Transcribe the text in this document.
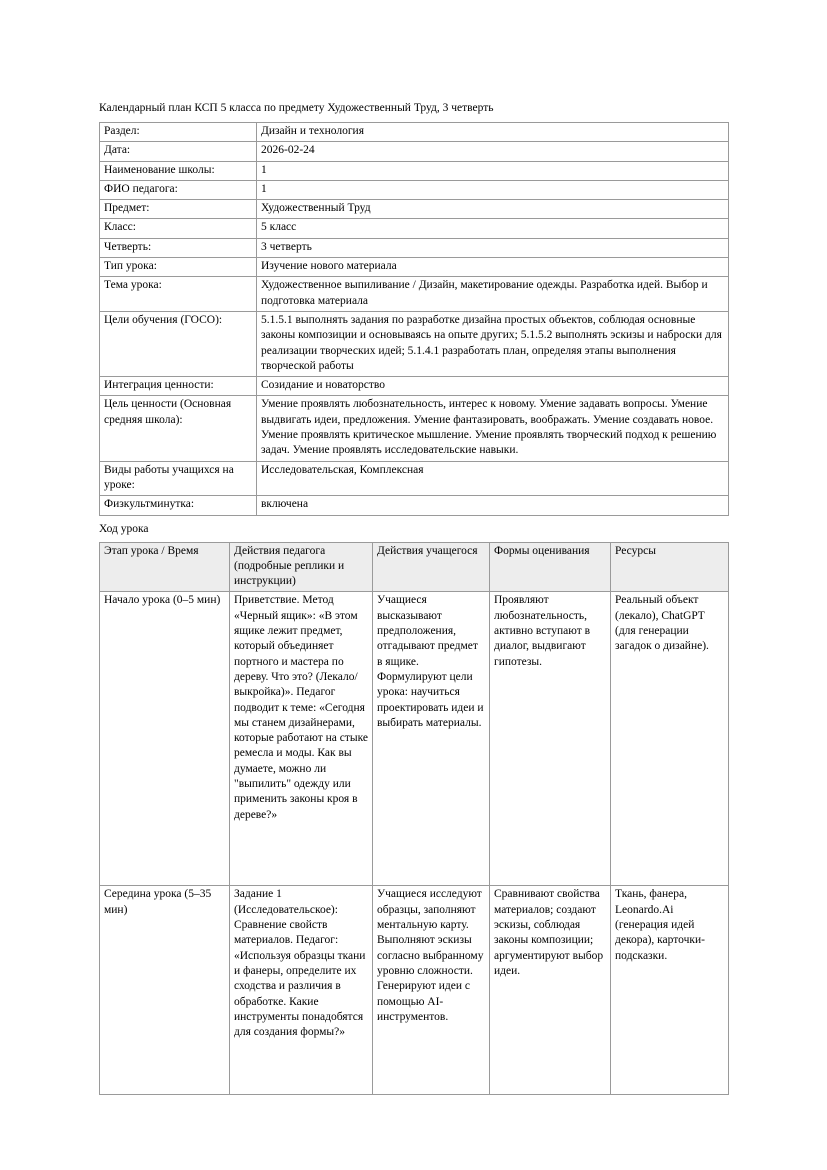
Календарный план КСП 5 класса по предмету Художественный Труд, 3 четверть

Раздел:	Дизайн и технология
Дата:	2026-02-24
Наименование школы:	1
ФИО педагога:	1
Предмет:	Художественный Труд
Класс:	5 класс
Четверть:	3 четверть
Тип урока:	Изучение нового материала
Тема урока:	Художественное выпиливание / Дизайн, макетирование одежды. Разработка идей. Выбор и подготовка материала
Цели обучения (ГОСО):	5.1.5.1 выполнять задания по разработке дизайна простых объектов, соблюдая основные законы композиции и основываясь на опыте других; 5.1.5.2 выполнять эскизы и наброски для реализации творческих идей; 5.1.4.1 разработать план, определяя этапы выполнения творческой работы
Интеграция ценности:	Созидание и новаторство
Цель ценности (Основная средняя школа):	Умение проявлять любознательность, интерес к новому. Умение задавать вопросы. Умение выдвигать идеи, предложения. Умение фантазировать, воображать. Умение создавать новое. Умение проявлять критическое мышление. Умение проявлять творческий подход к решению задач. Умение проявлять исследовательские навыки.
Виды работы учащихся на уроке:	Исследовательская, Комплексная
Физкультминутка:	включена

Ход урока

Этап урока / Время	Действия педагога (подробные реплики и инструкции)	Действия учащегося	Формы оценивания	Ресурсы
Начало урока (0–5 мин)	Приветствие. Метод «Черный ящик»: «В этом ящике лежит предмет, который объединяет портного и мастера по дереву. Что это? (Лекало/выкройка)». Педагог подводит к теме: «Сегодня мы станем дизайнерами, которые работают на стыке ремесла и моды. Как вы думаете, можно ли "выпилить" одежду или применить законы кроя в дереве?»	Учащиеся высказывают предположения, отгадывают предмет в ящике. Формулируют цели урока: научиться проектировать идеи и выбирать материалы.	Проявляют любознательность, активно вступают в диалог, выдвигают гипотезы.	Реальный объект (лекало), ChatGPT (для генерации загадок о дизайне).
Середина урока (5–35 мин)	Задание 1 (Исследовательское): Сравнение свойств материалов. Педагог: «Используя образцы ткани и фанеры, определите их сходства и различия в обработке. Какие инструменты понадобятся для создания формы?»	Учащиеся исследуют образцы, заполняют ментальную карту. Выполняют эскизы согласно выбранному уровню сложности. Генерируют идеи с помощью AI-инструментов.	Сравнивают свойства материалов; создают эскизы, соблюдая законы композиции; аргументируют выбор идеи.	Ткань, фанера, Leonardo.Ai (генерация идей декора), карточки-подсказки.
